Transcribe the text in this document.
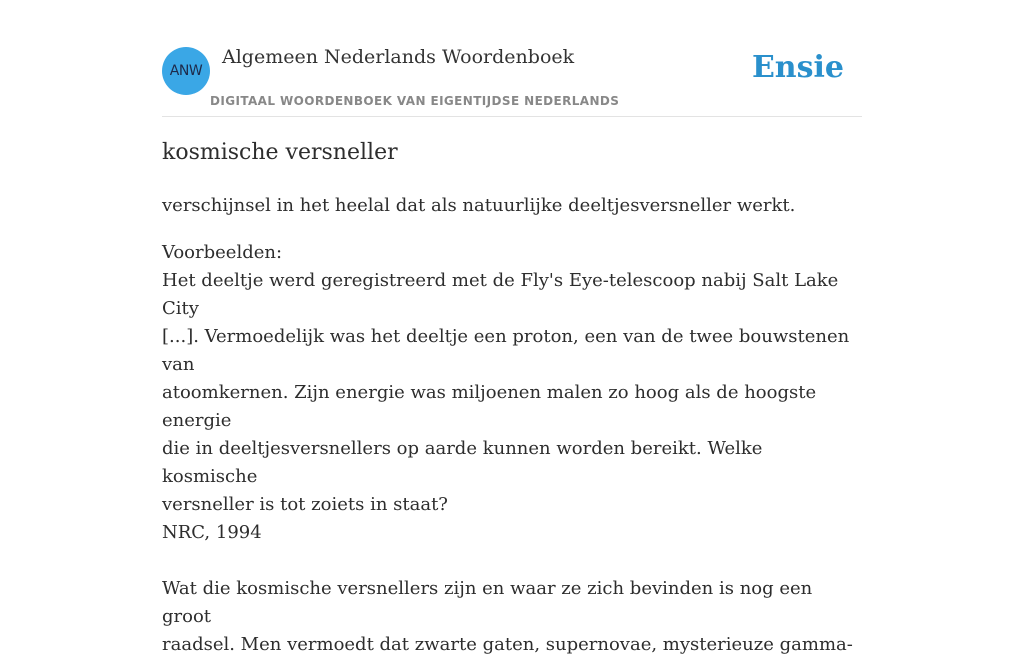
ANW
Algemeen Nederlands Woordenboek
DIGITAAL WOORDENBOEK VAN EIGENTIJDSE NEDERLANDS
Ensie
kosmische versneller
verschijnsel in het heelal dat als natuurlijke deeltjesversneller werkt.

Voorbeelden:

Het deeltje werd geregistreerd met de Fly's Eye-telescoop nabij Salt Lake City

[...]. Vermoedelijk was het deeltje een proton, een van de twee bouwstenen van

atoomkernen. Zijn energie was miljoenen malen zo hoog als de hoogste energie

die in deeltjesversnellers op aarde kunnen worden bereikt. Welke kosmische

versneller is tot zoiets in staat?

NRC, 1994

Wat die kosmische versnellers zijn en waar ze zich bevinden is nog een groot

raadsel. Men vermoedt dat zwarte gaten, supernovae, mysterieuze gamma-
